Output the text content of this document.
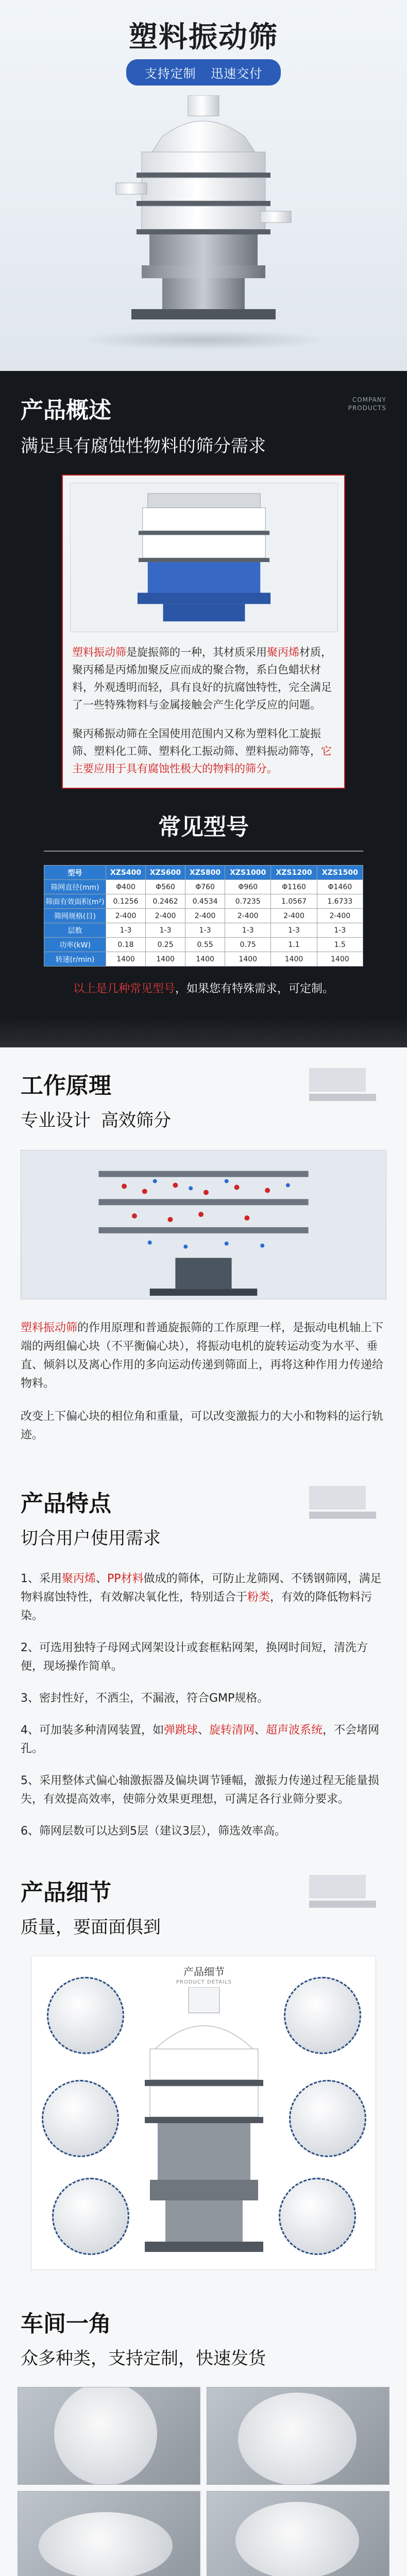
塑料振动筛
支持定制 迅速交付
产品概述
满足具有腐蚀性物料的筛分需求
COMPANY
PRODUCTS

塑料振动筛是旋振筛的一种，其材质采用聚丙烯材质，聚丙稀是丙烯加聚反应而成的聚合物，系白色蜡状材料，外观透明而轻，具有良好的抗腐蚀特性，完全满足了一些特殊物料与金属接触会产生化学反应的问题。

聚丙稀振动筛在全国使用范围内又称为塑料化工旋振筛、塑料化工筛、塑料化工振动筛、塑料振动筛等，它主要应用于具有腐蚀性极大的物料的筛分。

常见型号
型号	XZS400	XZS600	XZS800	XZS1000	XZS1200	XZS1500
筛网直径(mm)	Φ400	Φ560	Φ760	Φ960	Φ1160	Φ1460
筛面有效面积(m²)	0.1256	0.2462	0.4534	0.7235	1.0567	1.6733
筛网规格(目)	2-400	2-400	2-400	2-400	2-400	2-400
层数	1-3	1-3	1-3	1-3	1-3	1-3
功率(kW)	0.18	0.25	0.55	0.75	1.1	1.5
转速(r/min)	1400	1400	1400	1400	1400	1400
以上是几种常见型号，如果您有特殊需求，可定制。
工作原理
专业设计 高效筛分

塑料振动筛的作用原理和普通旋振筛的工作原理一样，是振动电机轴上下端的两组偏心块（不平衡偏心块），将振动电机的旋转运动变为水平、垂直、倾斜以及离心作用的多向运动传递到筛面上，再将这种作用力传递给物料。

改变上下偏心块的相位角和重量，可以改变激振力的大小和物料的运行轨迹。

产品特点
切合用户使用需求

1、采用聚丙烯、PP材料做成的筛体，可防止龙筛网、不锈钢筛网，满足物料腐蚀特性，有效解决氧化性，特别适合于粉类，有效的降低物料污染。

2、可选用独特子母网式网架设计或套框粘网架，换网时间短，清洗方便，现场操作简单。

3、密封性好，不洒尘，不漏液，符合GMP规格。

4、可加装多种清网装置，如弹跳球、旋转清网、超声波系统，不会堵网孔。

5、采用整体式偏心轴激振器及偏块调节锤幅，激振力传递过程无能量损失，有效提高效率，使筛分效果更理想，可满足各行业筛分要求。

6、筛网层数可以达到5层（建议3层），筛选效率高。

产品细节
质量，要面面俱到
产品细节
PRODUCT DETAILS
车间一角
众多种类，支持定制，快速发货
